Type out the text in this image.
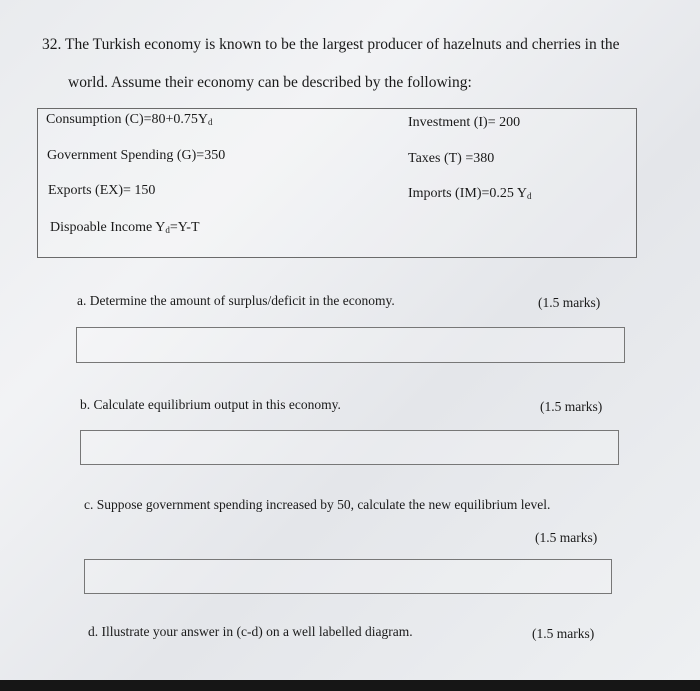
32. The Turkish economy is known to be the largest producer of hazelnuts and cherries in the
world. Assume their economy can be described by the following:
Consumption $(C)=80+0.75Y_d$	Investment (I)= 200
Government Spending (G)=350	Taxes (T) =380
Exports (EX)= 150	Imports (IM)=0.25 $Y_d$
Dispoable Income $Y_d=Y-T$
a. Determine the amount of surplus/deficit in the economy.	(1.5 marks)
b. Calculate equilibrium output in this economy.	(1.5 marks)
c. Suppose government spending increased by 50, calculate the new equilibrium level.
(1.5 marks)
d. Illustrate your answer in (c-d) on a well labelled diagram.	(1.5 marks)
